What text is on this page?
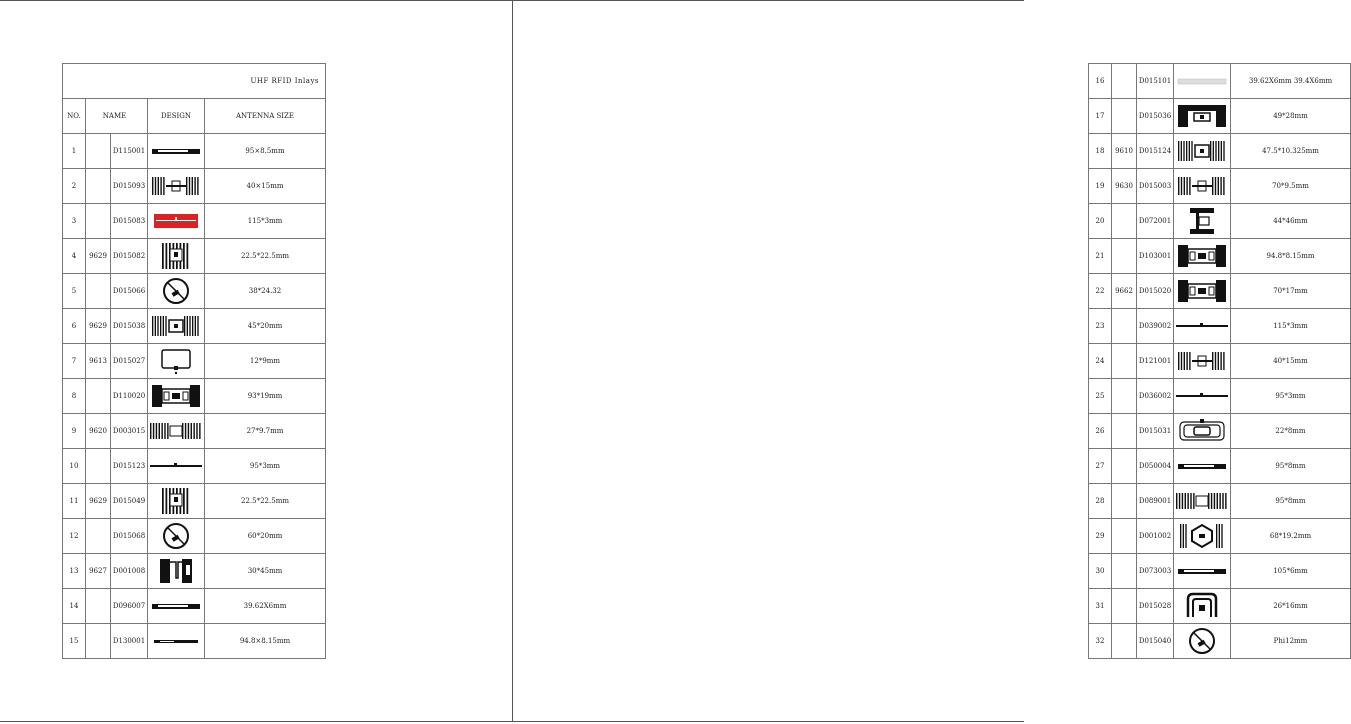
UHF RFID Inlays				
NO.	NAME		DESIGN	ANTENNA SIZE
1		D115001		95×8.5mm
2		D015093		40×15mm
3		D015083		115*3mm
4	9629	D015082		22.5*22.5mm
5		D015066		38*24.32
6	9629	D015038		45*20mm
7	9613	D015027		12*9mm
8		D110020		93*19mm
9	9620	D003015		27*9.7mm
10		D015123		95*3mm
11	9629	D015049		22.5*22.5mm
12		D015068		60*20mm
13	9627	D001008		30*45mm
14		D096007		39.62X6mm
15		D130001		94.8×8.15mm
16		D015101		39.62X6mm 39.4X6mm
17		D015036		49*28mm
18	9610	D015124		47.5*10.325mm
19	9630	D015003		70*9.5mm
20		D072001		44*46mm
21		D103001		94.8*8.15mm
22	9662	D015020		70*17mm
23		D039002		115*3mm
24		D121001		40*15mm
25		D036002		95*3mm
26		D015031		22*8mm
27		D050004		95*8mm
28		D089001		95*8mm
29		D001002		68*19.2mm
30		D073003		105*6mm
31		D015028		26*16mm
32		D015040		Phi12mm
